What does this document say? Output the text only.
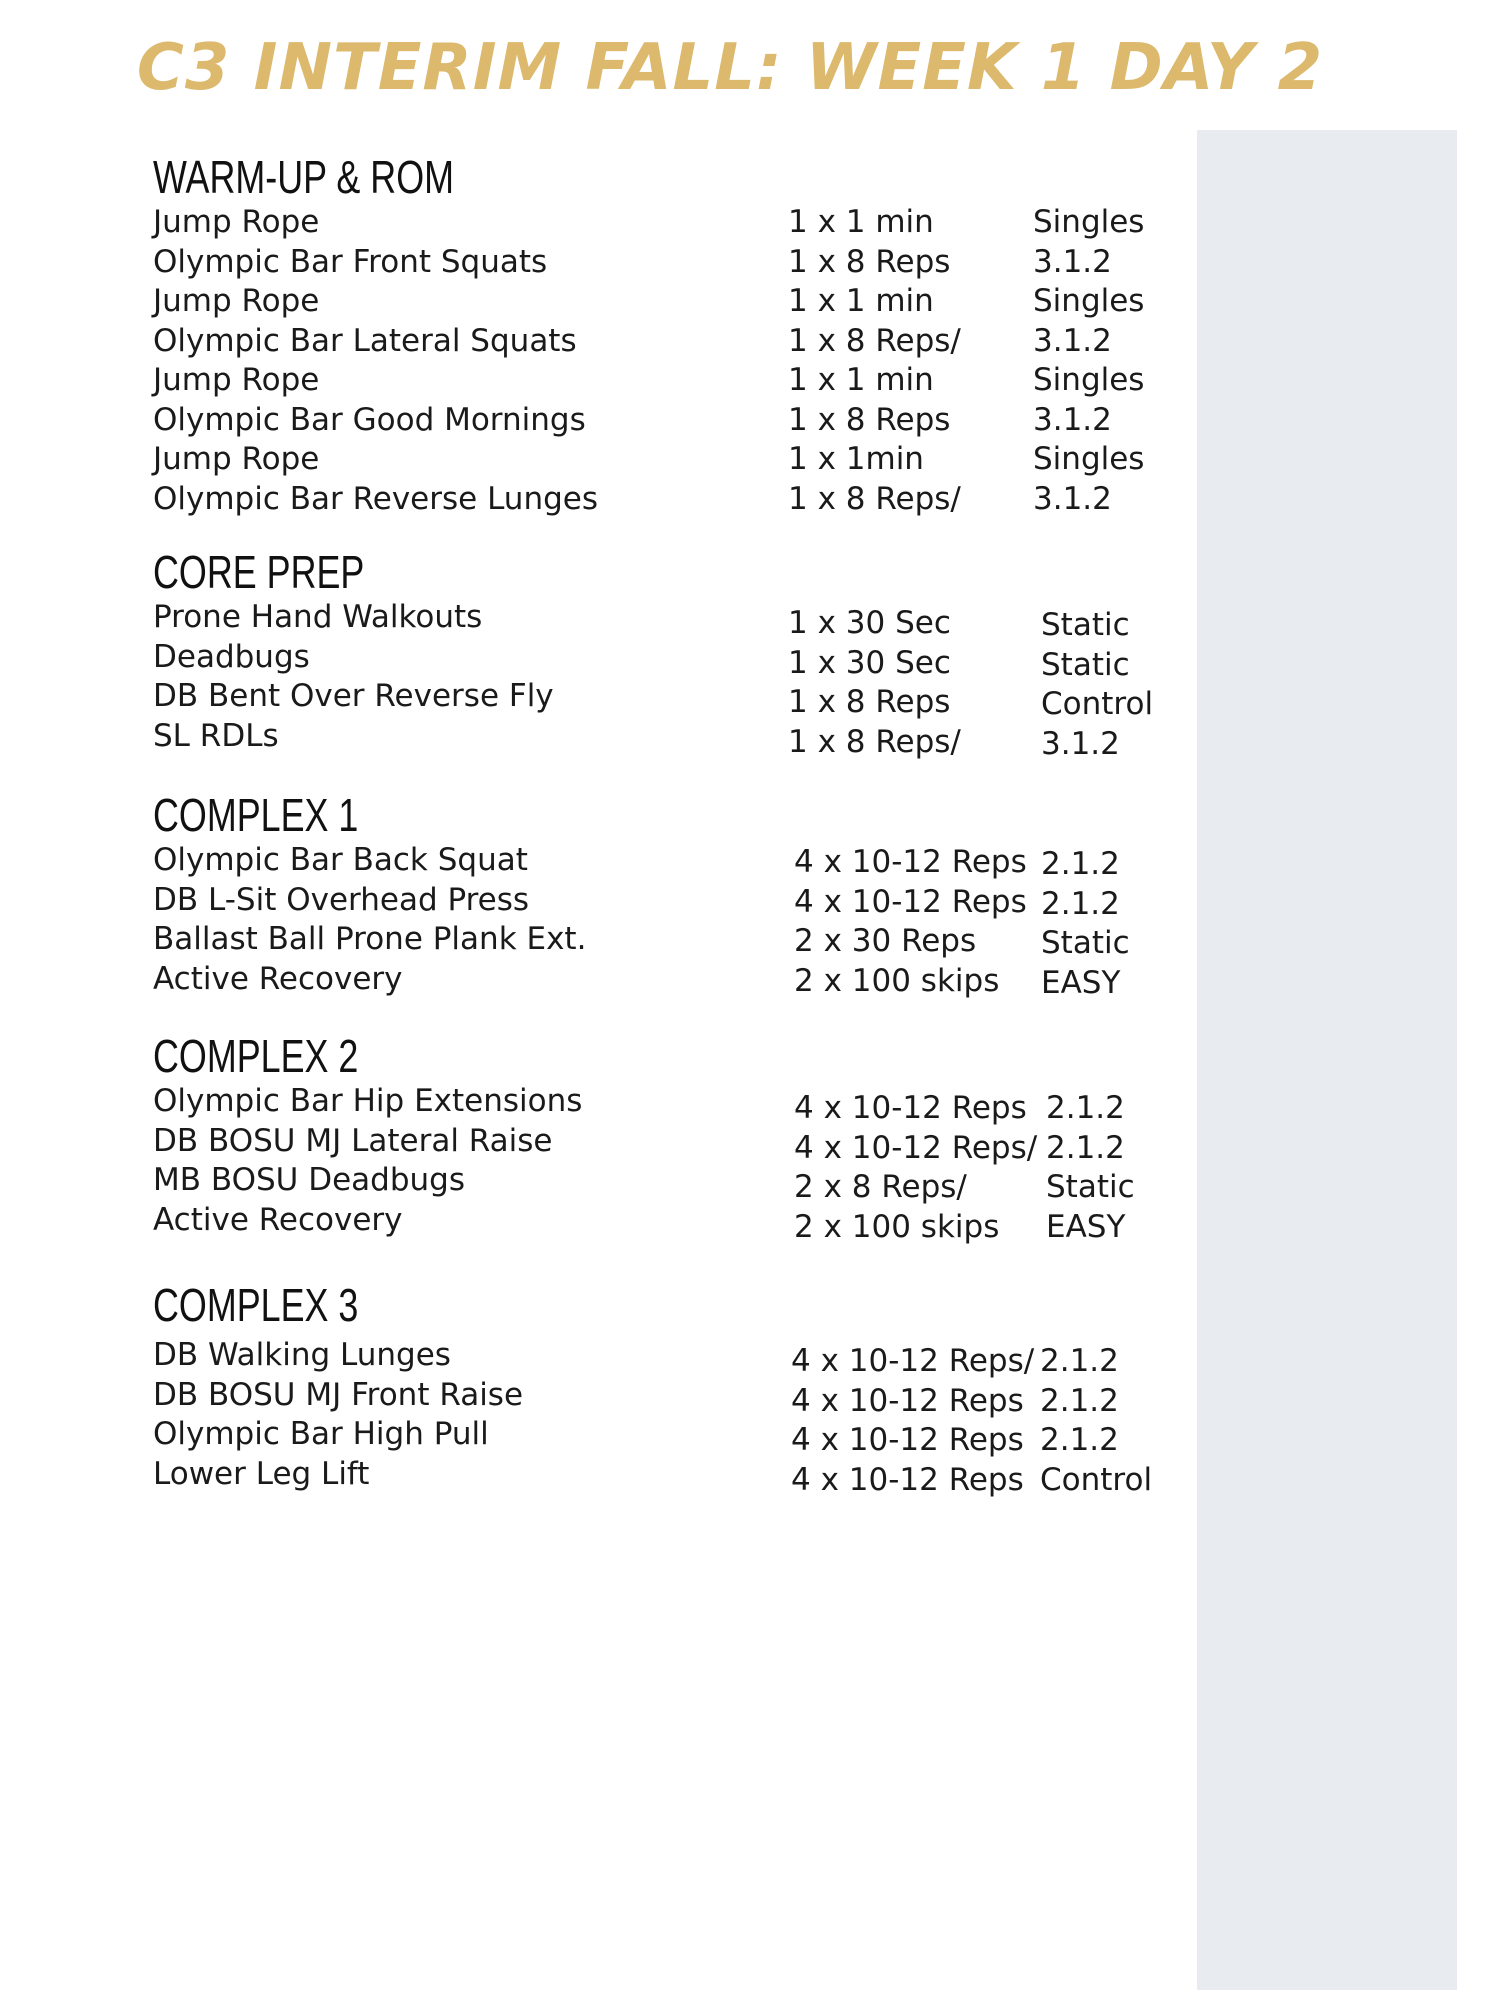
C3 INTERIM FALL: WEEK 1 DAY 2
WARM-UP & ROM
Jump Rope	1 x 1 min	Singles
Olympic Bar Front Squats	1 x 8 Reps	3.1.2
Jump Rope	1 x 1 min	Singles
Olympic Bar Lateral Squats	1 x 8 Reps/ 3.1.2
Jump Rope	1 x 1 min	Singles
Olympic Bar Good Mornings	1 x 8 Reps	3.1.2
Jump Rope	1 x 1min	Singles
Olympic Bar Reverse Lunges	1 x 8 Reps/ 3.1.2
CORE PREP
Prone Hand Walkouts	1 x 30 Sec	Static
Deadbugs	1 x 30 Sec	Static
DB Bent Over Reverse Fly	1 x 8 Reps	Control
SL RDLs	1 x 8 Reps/	3.1.2
COMPLEX 1
Olympic Bar Back Squat	4 x 10-12 Reps 2.1.2
DB L-Sit Overhead Press	4 x 10-12 Reps 2.1.2
Ballast Ball Prone Plank Ext.	2 x 30 Reps Static
Active Recovery	2 x 100 skips EASY
COMPLEX 2
Olympic Bar Hip Extensions	4 x 10-12 Reps 2.1.2
DB BOSU MJ Lateral Raise	4 x 10-12 Reps/ 2.1.2
MB BOSU Deadbugs	2 x 8 Reps/	Static
Active Recovery	2 x 100 skips EASY
COMPLEX 3
DB Walking Lunges	4 x 10-12 Reps/ 2.1.2
DB BOSU MJ Front Raise	4 x 10-12 Reps 2.1.2
Olympic Bar High Pull	4 x 10-12 Reps 2.1.2
Lower Leg Lift	4 x 10-12 Reps Control
